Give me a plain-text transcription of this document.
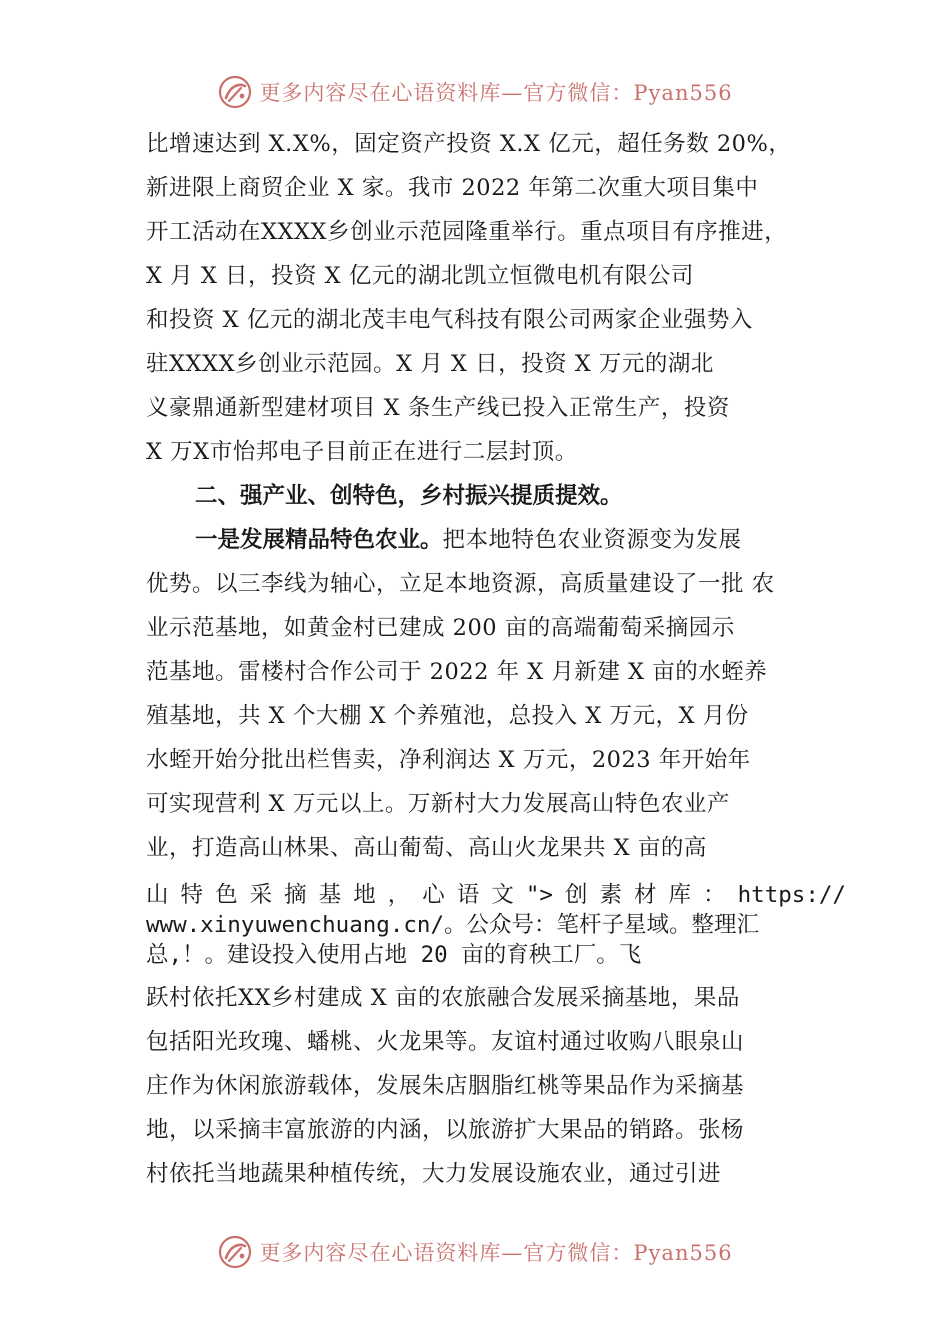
更多内容尽在心语资料库—官方微信：Pyan556
比增速达到 X.X%，固定资产投资 X.X 亿元，超任务数 20%，
新进限上商贸企业 X 家。我市 2022 年第二次重大项目集中
开工活动在XXXX乡创业示范园隆重举行。重点项目有序推进，
X 月 X 日，投资 X 亿元的湖北凯立恒微电机有限公司
和投资 X 亿元的湖北茂丰电气科技有限公司两家企业强势入
驻XXXX乡创业示范园。X 月 X 日，投资 X 万元的湖北
义豪鼎通新型建材项目 X 条生产线已投入正常生产，投资
X 万X市怡邦电子目前正在进行二层封顶。
二、强产业、创特色，乡村振兴提质提效。
一是发展精品特色农业。把本地特色农业资源变为发展
优势。以三李线为轴心，立足本地资源，高质量建设了一批 农
业示范基地，如黄金村已建成 200 亩的高端葡萄采摘园示
范基地。雷楼村合作公司于 2022 年 X 月新建 X 亩的水蛭养
殖基地，共 X 个大棚 X 个养殖池，总投入 X 万元，X 月份
水蛭开始分批出栏售卖，净利润达 X 万元，2023 年开始年
可实现营利 X 万元以上。万新村大力发展高山特色农业产
业，打造高山林果、高山葡萄、高山火龙果共 X 亩的高
山 特 色 采 摘 基 地 ， 心 语 文 "> 创 素 材 库 ： https://
www.xinyuwenchuang.cn/。公众号：笔杆子星域。整理汇
总,！。建设投入使用占地 20 亩的育秧工厂。飞
跃村依托XX乡村建成 X 亩的农旅融合发展采摘基地，果品
包括阳光玫瑰、蟠桃、火龙果等。友谊村通过收购八眼泉山
庄作为休闲旅游载体，发展朱店胭脂红桃等果品作为采摘基
地，以采摘丰富旅游的内涵，以旅游扩大果品的销路。张杨
村依托当地蔬果种植传统，大力发展设施农业，通过引进
更多内容尽在心语资料库—官方微信：Pyan556
